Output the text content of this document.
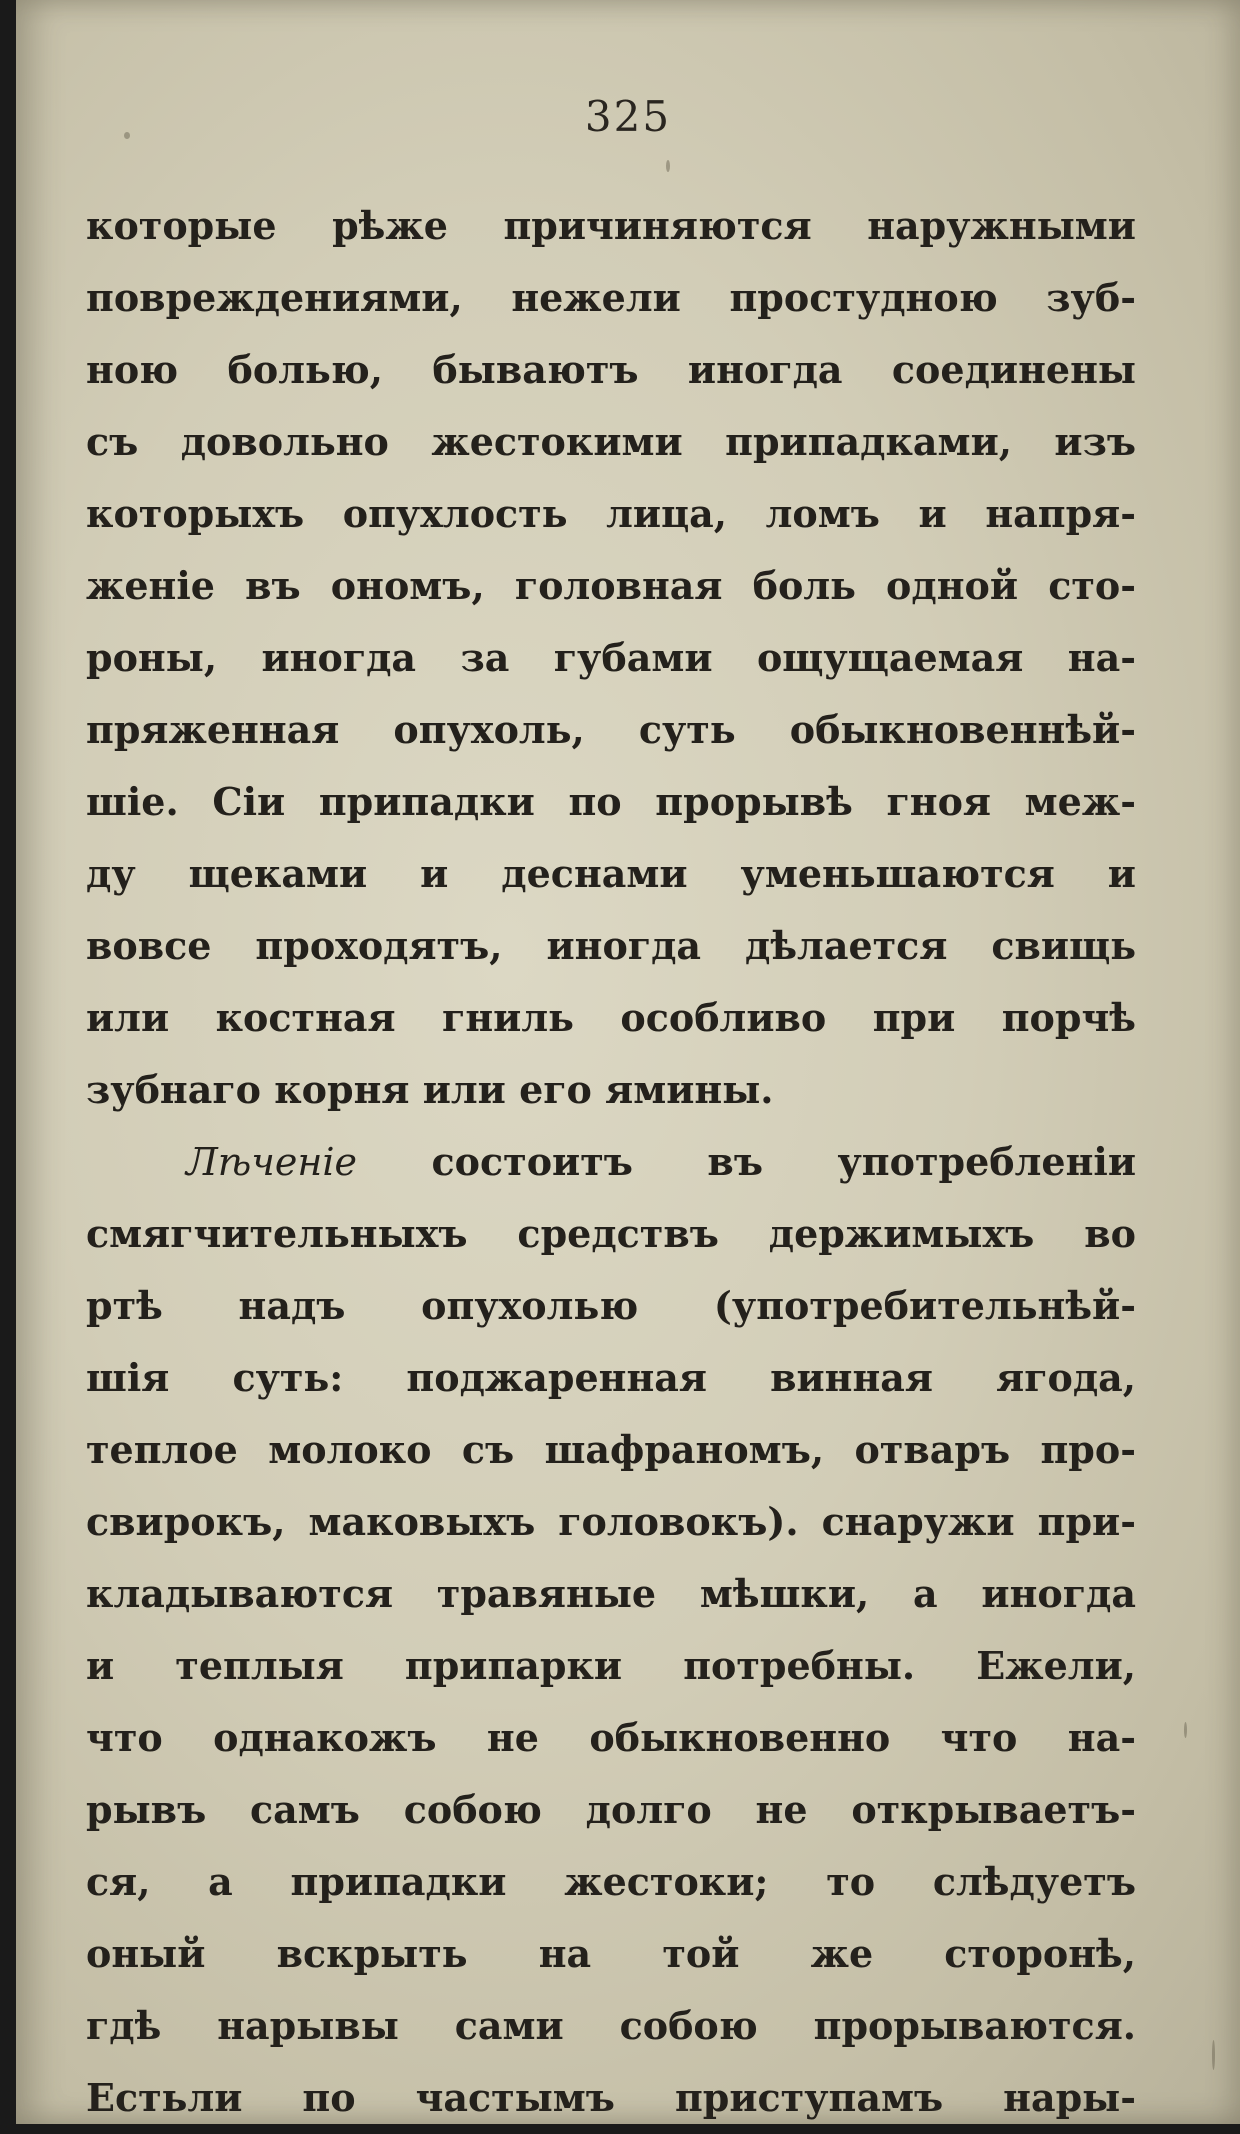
325
которые рѣже причиняются наружными
повреждениями, нежели простудною зуб-
ною болью, бываютъ иногда соединены
съ довольно жестокими припадками, изъ
которыхъ опухлость лица, ломъ и напря-
женіе въ ономъ, головная боль одной сто-
роны, иногда за губами ощущаемая на-
пряженная опухоль, суть обыкновеннѣй-
шіе. Сіи припадки по прорывѣ гноя меж-
ду щеками и деснами уменьшаются и
вовсе проходятъ, иногда дѣлается свищь
или костная гниль особливо при порчѣ
зубнаго корня или его ямины.
Лѣченіе состоитъ въ употребленіи
смягчительныхъ средствъ держимыхъ во
ртѣ надъ опухолью (употребительнѣй-
шія суть: поджаренная винная ягода,
теплое молоко съ шафраномъ, отваръ про-
свирокъ, маковыхъ головокъ). снаружи при-
кладываются травяные мѣшки, а иногда
и теплыя припарки потребны. Ежели,
что однакожъ не обыкновенно что на-
рывъ самъ собою долго не открываетъ-
ся, а припадки жестоки; то слѣдуетъ
оный вскрыть на той же сторонѣ,
гдѣ нарывы сами собою прорываются.
Естьли по частымъ приступамъ нары-
